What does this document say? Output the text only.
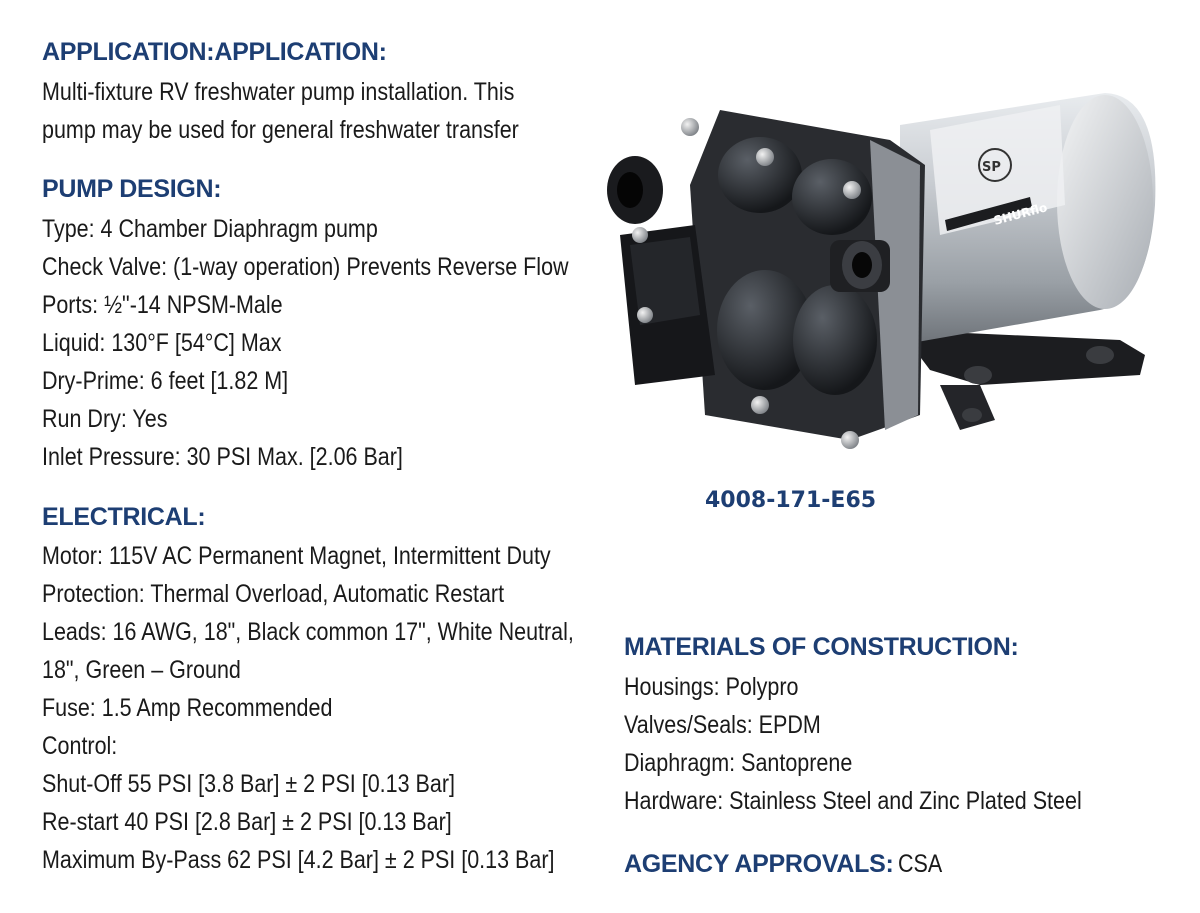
APPLICATION:APPLICATION:
Multi-fixture RV freshwater pump installation. This
pump may be used for general freshwater transfer
PUMP DESIGN:
Type: 4 Chamber Diaphragm pump
Check Valve: (1-way operation) Prevents Reverse Flow
Ports: ½"-14 NPSM-Male
Liquid: 130°F [54°C] Max
Dry-Prime: 6 feet [1.82 M]
Run Dry: Yes
Inlet Pressure: 30 PSI Max. [2.06 Bar]
ELECTRICAL:
Motor: 115V AC Permanent Magnet, Intermittent Duty
Protection: Thermal Overload, Automatic Restart
Leads: 16 AWG, 18", Black common 17", White Neutral,
18", Green – Ground
Fuse: 1.5 Amp Recommended
Control:
Shut-Off 55 PSI [3.8 Bar] ± 2 PSI [0.13 Bar]
Re-start 40 PSI [2.8 Bar] ± 2 PSI [0.13 Bar]
Maximum By-Pass 62 PSI [4.2 Bar] ± 2 PSI [0.13 Bar]
MATERIALS OF CONSTRUCTION:
Housings: Polypro
Valves/Seals: EPDM
Diaphragm: Santoprene
Hardware: Stainless Steel and Zinc Plated Steel
AGENCY APPROVALS: CSA
4008-171-E65
SP
SHURflo
